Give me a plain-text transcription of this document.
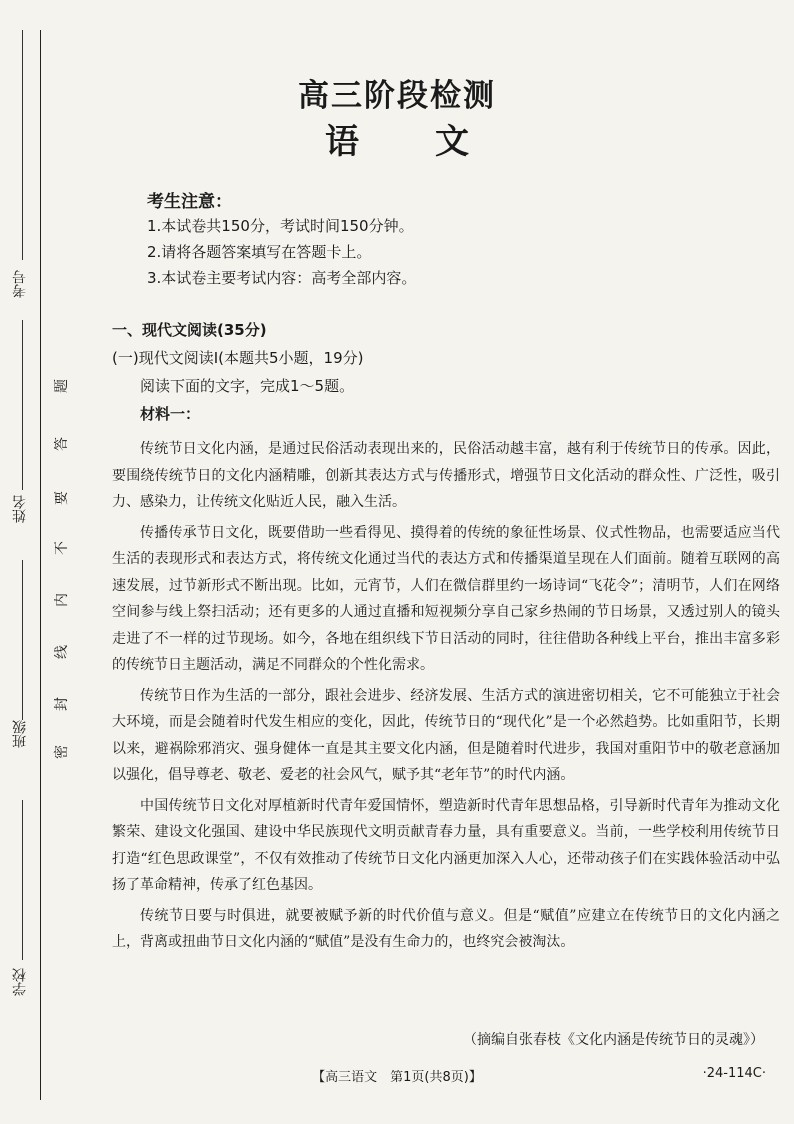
考号
姓名
班级
学校
题
答
要
不
内
线
封
密
高三阶段检测
语 文
考生注意：
1.本试卷共150分，考试时间150分钟。
2.请将各题答案填写在答题卡上。
3.本试卷主要考试内容：高考全部内容。
一、现代文阅读(35分)
(一)现代文阅读Ⅰ(本题共5小题，19分)
阅读下面的文字，完成1～5题。
材料一：

传统节日文化内涵，是通过民俗活动表现出来的，民俗活动越丰富，越有利于传统节日的传承。因此，要围绕传统节日的文化内涵精雕，创新其表达方式与传播形式，增强节日文化活动的群众性、广泛性，吸引力、感染力，让传统文化贴近人民，融入生活。

传播传承节日文化，既要借助一些看得见、摸得着的传统的象征性场景、仪式性物品，也需要适应当代生活的表现形式和表达方式，将传统文化通过当代的表达方式和传播渠道呈现在人们面前。随着互联网的高速发展，过节新形式不断出现。比如，元宵节，人们在微信群里约一场诗词“飞花令”；清明节，人们在网络空间参与线上祭扫活动；还有更多的人通过直播和短视频分享自己家乡热闹的节日场景，又透过别人的镜头走进了不一样的过节现场。如今，各地在组织线下节日活动的同时，往往借助各种线上平台，推出丰富多彩的传统节日主题活动，满足不同群众的个性化需求。

传统节日作为生活的一部分，跟社会进步、经济发展、生活方式的演进密切相关，它不可能独立于社会大环境，而是会随着时代发生相应的变化，因此，传统节日的“现代化”是一个必然趋势。比如重阳节，长期以来，避祸除邪消灾、强身健体一直是其主要文化内涵，但是随着时代进步，我国对重阳节中的敬老意涵加以强化，倡导尊老、敬老、爱老的社会风气，赋予其“老年节”的时代内涵。

中国传统节日文化对厚植新时代青年爱国情怀，塑造新时代青年思想品格，引导新时代青年为推动文化繁荣、建设文化强国、建设中华民族现代文明贡献青春力量，具有重要意义。当前，一些学校利用传统节日打造“红色思政课堂”，不仅有效推动了传统节日文化内涵更加深入人心，还带动孩子们在实践体验活动中弘扬了革命精神，传承了红色基因。

传统节日要与时俱进，就要被赋予新的时代价值与意义。但是“赋值”应建立在传统节日的文化内涵之上，背离或扭曲节日文化内涵的“赋值”是没有生命力的，也终究会被淘汰。

（摘编自张春枝《文化内涵是传统节日的灵魂》）
【高三语文　第1页(共8页)】	·24-114C·
